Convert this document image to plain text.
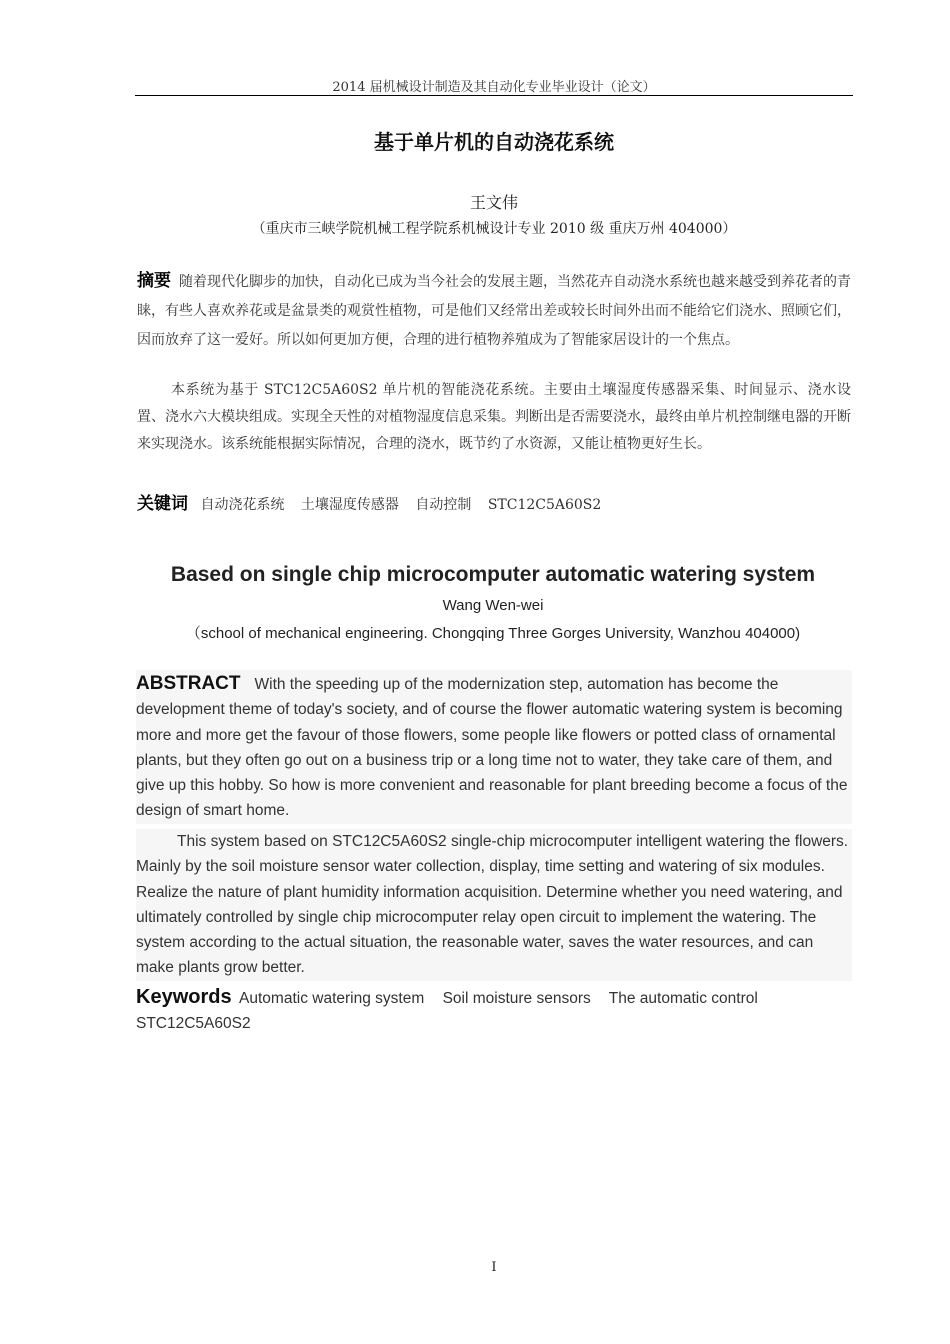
2014 届机械设计制造及其自动化专业毕业设计（论文）
基于单片机的自动浇花系统
王文伟
（重庆市三峡学院机械工程学院系机械设计专业 2010 级 重庆万州 404000）
摘要 随着现代化脚步的加快，自动化已成为当今社会的发展主题，当然花卉自动浇水系统也越来越受到养花者的青睐，有些人喜欢养花或是盆景类的观赏性植物，可是他们又经常出差或较长时间外出而不能给它们浇水、照顾它们，因而放弃了这一爱好。所以如何更加方便，合理的进行植物养殖成为了智能家居设计的一个焦点。
本系统为基于 STC12C5A60S2 单片机的智能浇花系统。主要由土壤湿度传感器采集、时间显示、浇水设置、浇水六大模块组成。实现全天性的对植物湿度信息采集。判断出是否需要浇水，最终由单片机控制继电器的开断来实现浇水。该系统能根据实际情况，合理的浇水，既节约了水资源，又能让植物更好生长。
关键词 自动浇花系统 土壤湿度传感器 自动控制 STC12C5A60S2
Based on single chip microcomputer automatic watering system
Wang Wen-wei
（school of mechanical engineering. Chongqing Three Gorges University, Wanzhou 404000)
ABSTRACT With the speeding up of the modernization step, automation has become the development theme of today's society, and of course the flower automatic watering system is becoming more and more get the favour of those flowers, some people like flowers or potted class of ornamental plants, but they often go out on a business trip or a long time not to water, they take care of them, and give up this hobby. So how is more convenient and reasonable for plant breeding become a focus of the design of smart home.
This system based on STC12C5A60S2 single-chip microcomputer intelligent watering the flowers. Mainly by the soil moisture sensor water collection, display, time setting and watering of six modules. Realize the nature of plant humidity information acquisition. Determine whether you need watering, and ultimately controlled by single chip microcomputer relay open circuit to implement the watering. The system according to the actual situation, the reasonable water, saves the water resources, and can make plants grow better.
Keywords Automatic watering system Soil moisture sensors The automatic control
STC12C5A60S2
I
